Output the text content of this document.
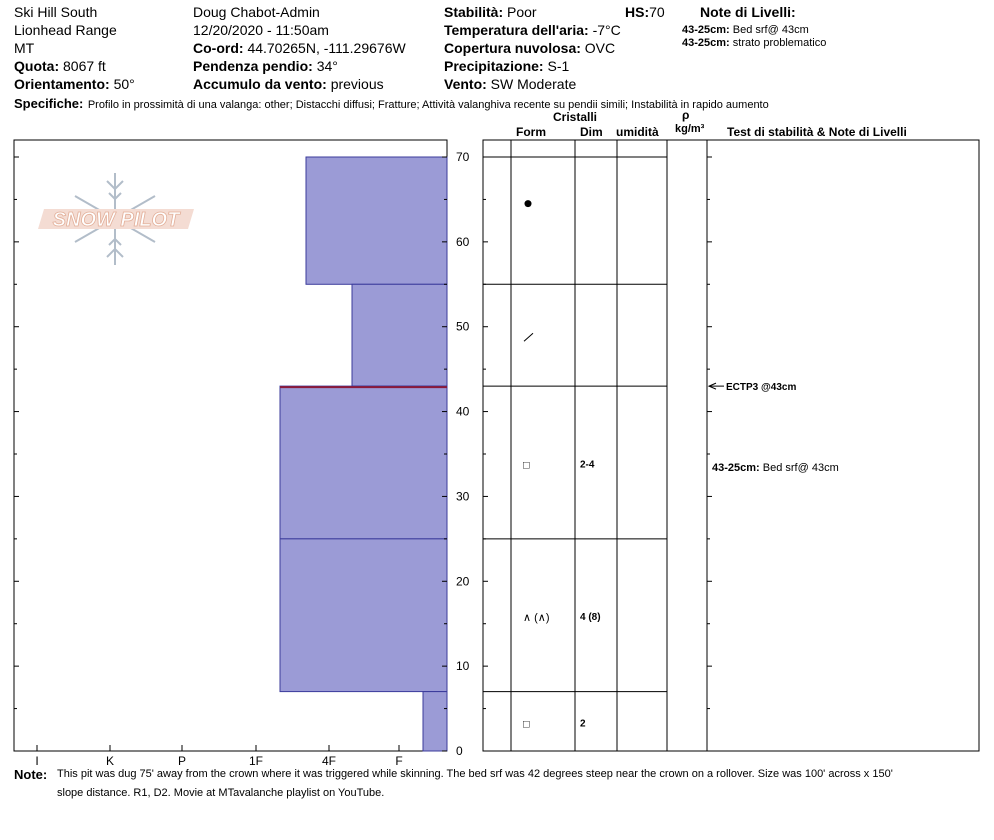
Ski Hill South
Lionhead Range
MT
Quota: 8067 ft
Orientamento: 50°
Doug Chabot-Admin
12/20/2020 - 11:50am
Co-ord: 44.70265N, -111.29676W
Pendenza pendio: 34°
Accumulo da vento: previous
Stabilità: Poor	HS:70
Temperatura dell'aria: -7°C
Copertura nuvolosa: OVC
Precipitazione: S-1
Vento: SW Moderate
Note di Livelli:
43-25cm: Bed srf@ 43cm
43-25cm: strato problematico
Specifiche: Profilo in prossimità di una valanga: other; Distacchi diffusi; Fratture; Attività valanghiva recente su pendii simili; Instabilità in rapido aumento
Cristalli
Form	Dim umidità
ρ
kg/m³ Test di stabilità & Note di Livelli
SNOW PILOT
0
10
20
30
40
50
60
70
I	K	P	1F	4F	F
□	2-4
∧ (∧)	4 (8)
□	2
ECTP3 @43cm
43-25cm: Bed srf@ 43cm
Note: This pit was dug 75' away from the crown where it was triggered while skinning. The bed srf was 42 degrees steep near the crown on a rollover. Size was 100' across x 150'
slope distance. R1, D2. Movie at MTavalanche playlist on YouTube.
